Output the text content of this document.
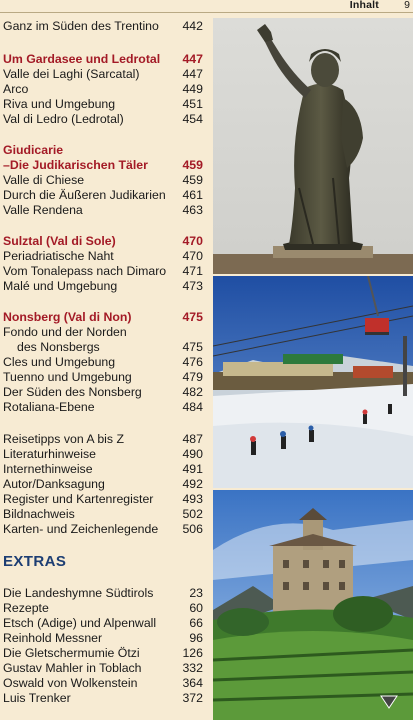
Inhalt 9
Ganz im Süden des Trentino 442
Um Gardasee und Ledrotal 447
Valle dei Laghi (Sarcatal)	447
Arco	449
Riva und Umgebung	451
Val di Ledro (Ledrotal)	454
Giudicarie
–Die Judikarischen Täler	459
Valle di Chiese	459
Durch die Äußeren Judikarien 461
Valle Rendena	463
Sulztal (Val di Sole)	470
Periadriatische Naht	470
Vom Tonalepass nach Dimaro 471
Malé und Umgebung	473
Nonsberg (Val di Non)	475
Fondo und der Norden
des Nonsbergs	475
Cles und Umgebung	476
Tuenno und Umgebung	479
Der Süden des Nonsberg	482
Rotaliana-Ebene	484
Reisetipps von A bis Z	487
Literaturhinweise	490
Internethinweise	491
Autor/Danksagung	492
Register und Kartenregister 493
Bildnachweis	502
Karten- und Zeichenlegende 506
EXTRAS
Die Landeshymne Südtirols	23
Rezepte	60
Etsch (Adige) und Alpenwall	66
Reinhold Messner	96
Die Gletschermumie Ötzi	126
Gustav Mahler in Toblach	332
Oswald von Wolkenstein	364
Luis Trenker	372
